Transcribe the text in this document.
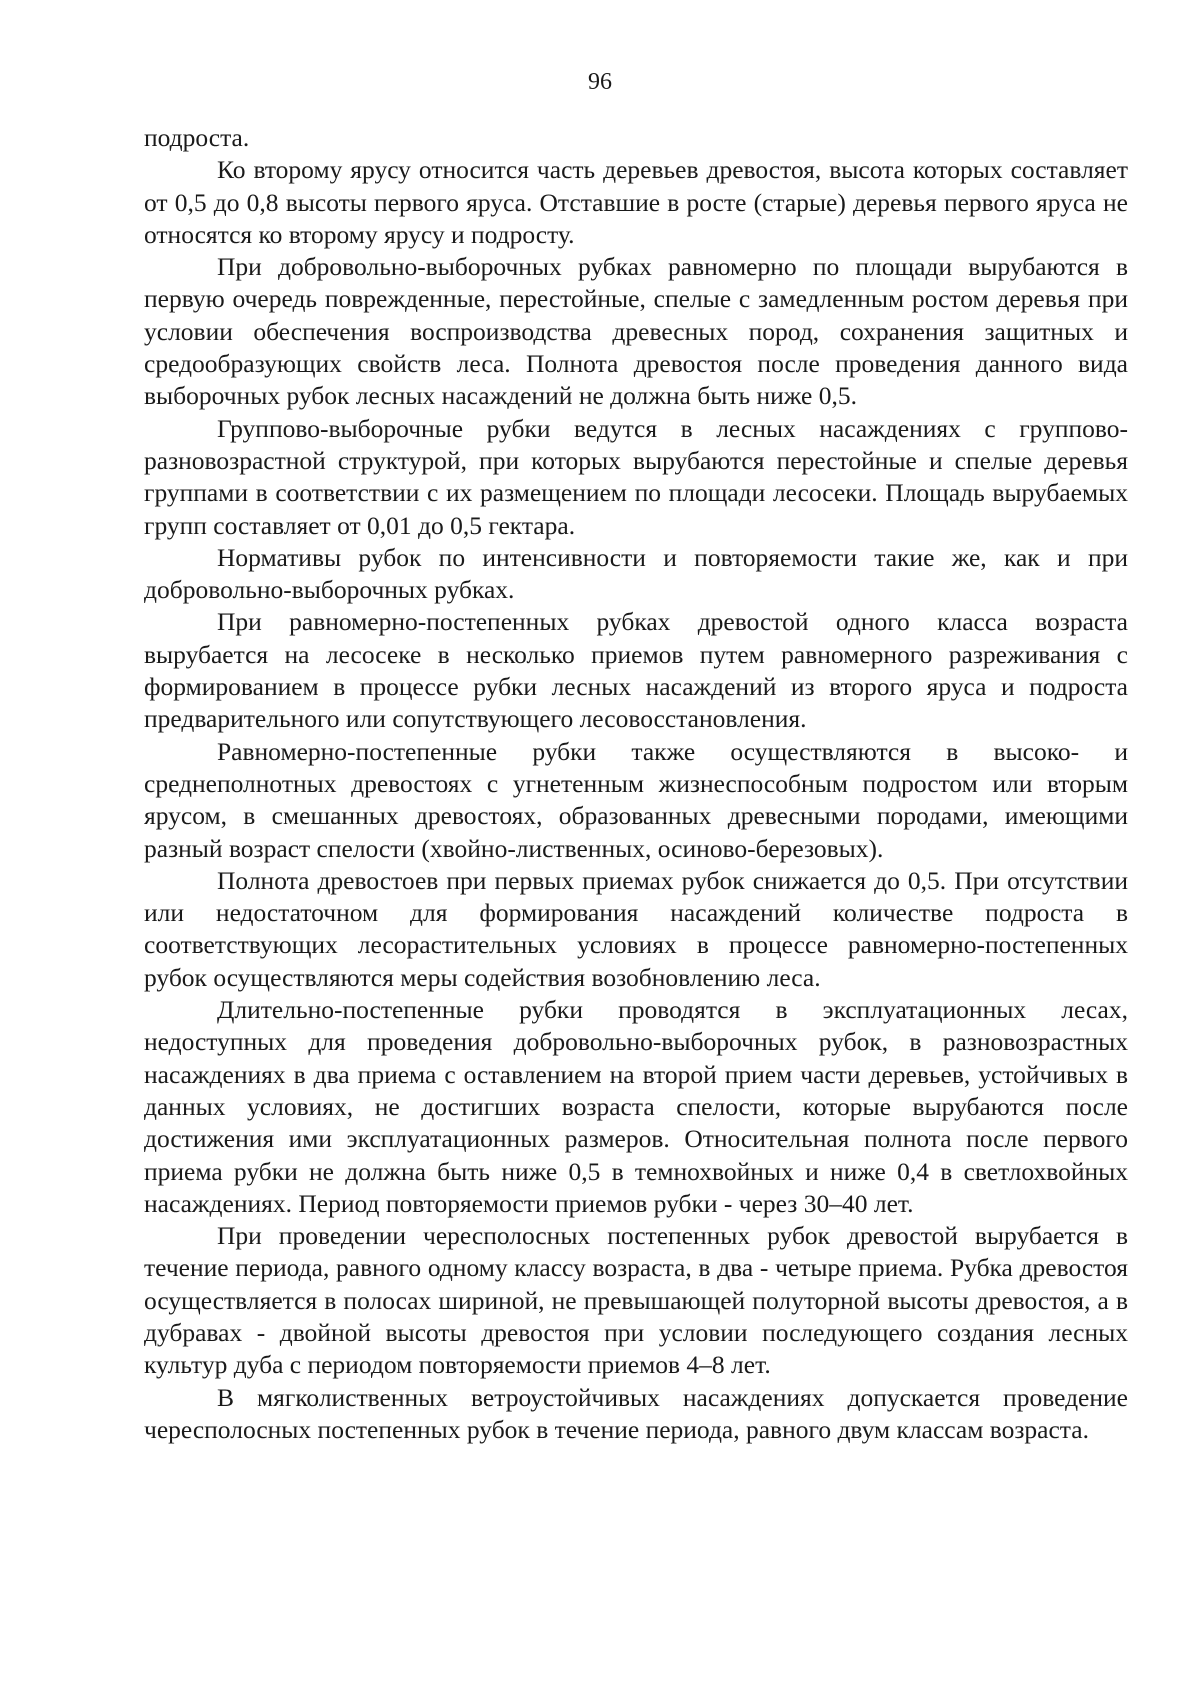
96

подроста.

Ко второму ярусу относится часть деревьев древостоя, высота которых составляет от 0,5 до 0,8 высоты первого яруса. Отставшие в росте (старые) деревья первого яруса не относятся ко второму ярусу и подросту.

При добровольно-выборочных рубках равномерно по площади вырубаются в первую очередь поврежденные, перестойные, спелые с замедленным ростом деревья при условии обеспечения воспроизводства древесных пород, сохранения защитных и средообразующих свойств леса. Полнота древостоя после проведения данного вида выборочных рубок лесных насаждений не должна быть ниже 0,5.

Группово-выборочные рубки ведутся в лесных насаждениях с группово-разновозрастной структурой, при которых вырубаются перестойные и спелые деревья группами в соответствии с их размещением по площади лесосеки. Площадь вырубаемых групп составляет от 0,01 до 0,5 гектара.

Нормативы рубок по интенсивности и повторяемости такие же, как и при добровольно-выборочных рубках.

При равномерно-постепенных рубках древостой одного класса возраста вырубается на лесосеке в несколько приемов путем равномерного разреживания с формированием в процессе рубки лесных насаждений из второго яруса и подроста предварительного или сопутствующего лесовосстановления.

Равномерно-постепенные рубки также осуществляются в высоко- и среднеполнотных древостоях с угнетенным жизнеспособным подростом или вторым ярусом, в смешанных древостоях, образованных древесными породами, имеющими разный возраст спелости (хвойно-лиственных, осиново-березовых).

Полнота древостоев при первых приемах рубок снижается до 0,5. При отсутствии или недостаточном для формирования насаждений количестве подроста в соответствующих лесорастительных условиях в процессе равномерно-постепенных рубок осуществляются меры содействия возобновлению леса.

Длительно-постепенные рубки проводятся в эксплуатационных лесах, недоступных для проведения добровольно-выборочных рубок, в разновозрастных насаждениях в два приема с оставлением на второй прием части деревьев, устойчивых в данных условиях, не достигших возраста спелости, которые вырубаются после достижения ими эксплуатационных размеров. Относительная полнота после первого приема рубки не должна быть ниже 0,5 в темнохвойных и ниже 0,4 в светлохвойных насаждениях. Период повторяемости приемов рубки - через 30–40 лет.

При проведении чересполосных постепенных рубок древостой вырубается в течение периода, равного одному классу возраста, в два - четыре приема. Рубка древостоя осуществляется в полосах шириной, не превышающей полуторной высоты древостоя, а в дубравах - двойной высоты древостоя при условии последующего создания лесных культур дуба с периодом повторяемости приемов 4–8 лет.

В мягколиственных ветроустойчивых насаждениях допускается проведение чересполосных постепенных рубок в течение периода, равного двум классам возраста.
